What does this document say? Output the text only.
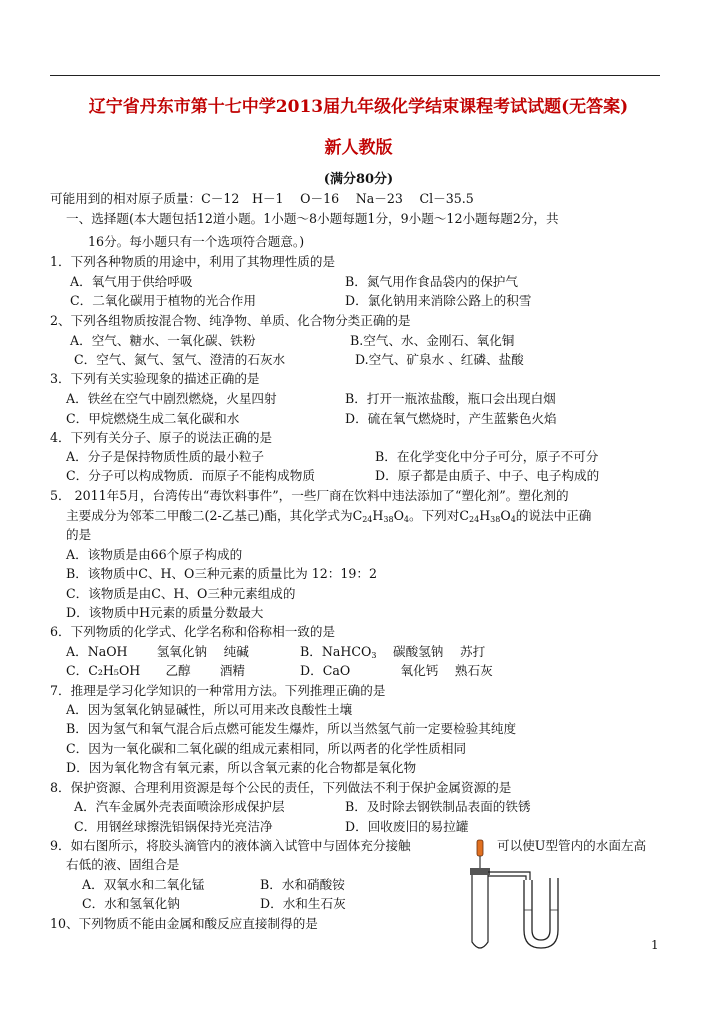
辽宁省丹东市第十七中学2013届九年级化学结束课程考试试题(无答案)
新人教版
(满分80分)
可能用到的相对原子质量：C－12　H－1　 O－16　 Na－23　 Cl－35.5
一、选择题(本大题包括12道小题。1小题～8小题每题1分，9小题～12小题每题2分，共
16分。每小题只有一个选项符合题意。)
1．下列各种物质的用途中，利用了其物理性质的是
A．氧气用于供给呼吸	B．氮气用作食品袋内的保护气
C．二氧化碳用于植物的光合作用	D．氯化钠用来消除公路上的积雪
2、下列各组物质按混合物、纯净物、单质、化合物分类正确的是
A．空气、糖水、一氧化碳、铁粉	B.空气、水、金刚石、氧化铜
C．空气、氮气、氢气、澄清的石灰水	D.空气、矿泉水 、红磷、盐酸
3．下列有关实验现象的描述正确的是
A．铁丝在空气中剧烈燃烧，火星四射	B．打开一瓶浓盐酸，瓶口会出现白烟
C．甲烷燃烧生成二氧化碳和水	D．硫在氧气燃烧时，产生蓝紫色火焰
4．下列有关分子、原子的说法正确的是
A．分子是保持物质性质的最小粒子	B．在化学变化中分子可分，原子不可分
C．分子可以构成物质．而原子不能构成物质	D．原子都是由质子、中子、电子构成的
5． 2011年5月，台湾传出“毒饮料事件”，一些厂商在饮料中违法添加了“塑化剂”。塑化剂的
主要成分为邻苯二甲酸二(2-乙基己)酯，其化学式为$C_{24}H_{38}O_4$。下列对$C_{24}H_{38}O_4$的说法中正确
的是
A．该物质是由66个原子构成的
B．该物质中C、H、O三种元素的质量比为 12：19：2
C．该物质是由C、H、O三种元素组成的
D．该物质中H元素的质量分数最大
6．下列物质的化学式、化学名称和俗称相一致的是
A．NaOH　　 氢氧化钠　 纯碱	B．NaHCO$_3$　 碳酸氢钠　 苏打
C．C₂H₅OH　　乙醇　　 酒精	D．CaO　　　　氧化钙　 熟石灰
7．推理是学习化学知识的一种常用方法。下列推理正确的是
A．因为氢氧化钠显碱性，所以可用来改良酸性土壤
B．因为氢气和氧气混合后点燃可能发生爆炸，所以当然氢气前一定要检验其纯度
C．因为一氧化碳和二氧化碳的组成元素相同，所以两者的化学性质相同
D．因为氧化物含有氧元素，所以含氧元素的化合物都是氧化物
8．保护资源、合理利用资源是每个公民的责任，下列做法不利于保护金属资源的是
A．汽车金属外壳表面喷涂形成保护层	B．及时除去钢铁制品表面的铁锈
C．用钢丝球擦洗铝锅保持光亮洁净	D．回收废旧的易拉罐
9．如右图所示，将胶头滴管内的液体滴入试管中与固体充分接触	可以使U型管内的水面左高
右低的液、固组合是
A．双氧水和二氧化锰	B．水和硝酸铵
C．水和氢氧化钠	D．水和生石灰
10、下列物质不能由金属和酸反应直接制得的是
1
